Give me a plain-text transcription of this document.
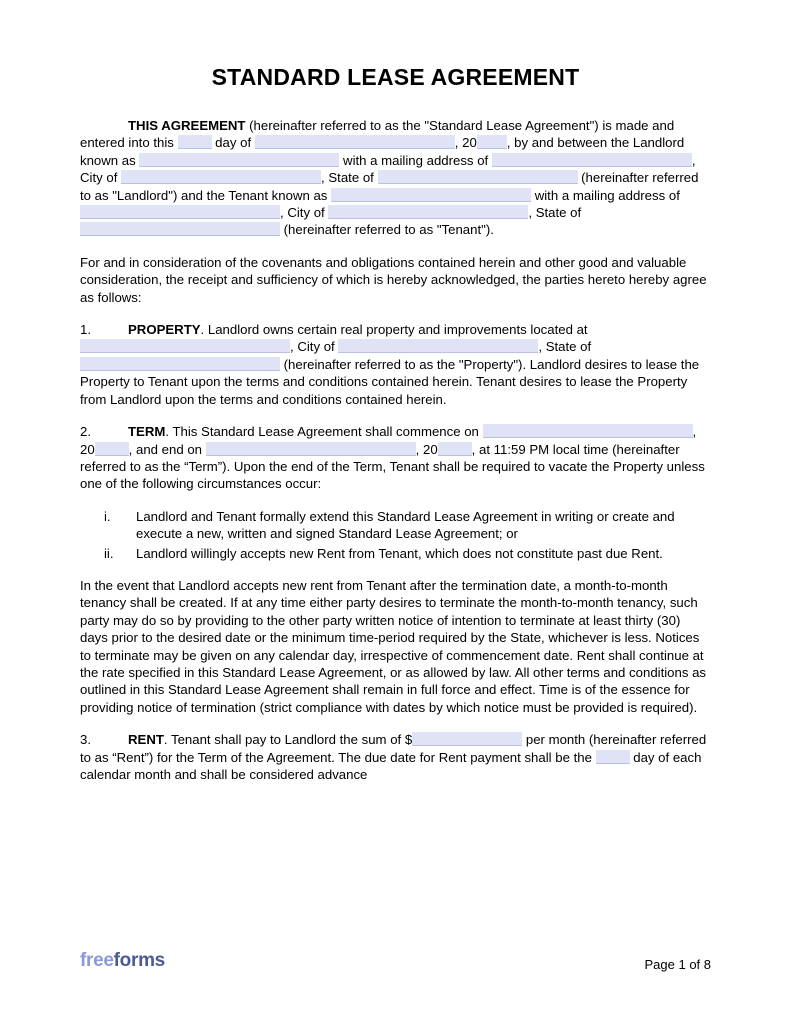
STANDARD LEASE AGREEMENT

THIS AGREEMENT (hereinafter referred to as the "Standard Lease Agreement") is made and entered into this	day of	, 20 , by and between the Landlord known as	with a mailing address of	, City of	, State of	(hereinafter referred to as "Landlord") and the Tenant known as	with a mailing address of , City of	, State of  (hereinafter referred to as "Tenant").

For and in consideration of the covenants and obligations contained herein and other good and valuable consideration, the receipt and sufficiency of which is hereby acknowledged, the parties hereto hereby agree as follows:

1.	PROPERTY. Landlord owns certain real property and improvements located at , City of	, State of  (hereinafter referred to as the "Property"). Landlord desires to lease the Property to Tenant upon the terms and conditions contained herein. Tenant desires to lease the Property from Landlord upon the terms and conditions contained herein.

2.	TERM. This Standard Lease Agreement shall commence on	, 20	, and end on	, 20	, at 11:59 PM local time (hereinafter referred to as the “Term”). Upon the end of the Term, Tenant shall be required to vacate the Property unless one of the following circumstances occur:

i.	Landlord and Tenant formally extend this Standard Lease Agreement in writing or create and execute a new, written and signed Standard Lease Agreement; or
ii.	Landlord willingly accepts new Rent from Tenant, which does not constitute past due Rent.

In the event that Landlord accepts new rent from Tenant after the termination date, a month-to-month tenancy shall be created. If at any time either party desires to terminate the month-to-month tenancy, such party may do so by providing to the other party written notice of intention to terminate at least thirty (30) days prior to the desired date or the minimum time-period required by the State, whichever is less. Notices to terminate may be given on any calendar day, irrespective of commencement date. Rent shall continue at the rate specified in this Standard Lease Agreement, or as allowed by law. All other terms and conditions as outlined in this Standard Lease Agreement shall remain in full force and effect. Time is of the essence for providing notice of termination (strict compliance with dates by which notice must be provided is required).

3.	RENT. Tenant shall pay to Landlord the sum of $	per month (hereinafter referred to as “Rent”) for the Term of the Agreement. The due date for Rent payment shall be the	day of each calendar month and shall be considered advance

freeforms	Page 1 of 8
